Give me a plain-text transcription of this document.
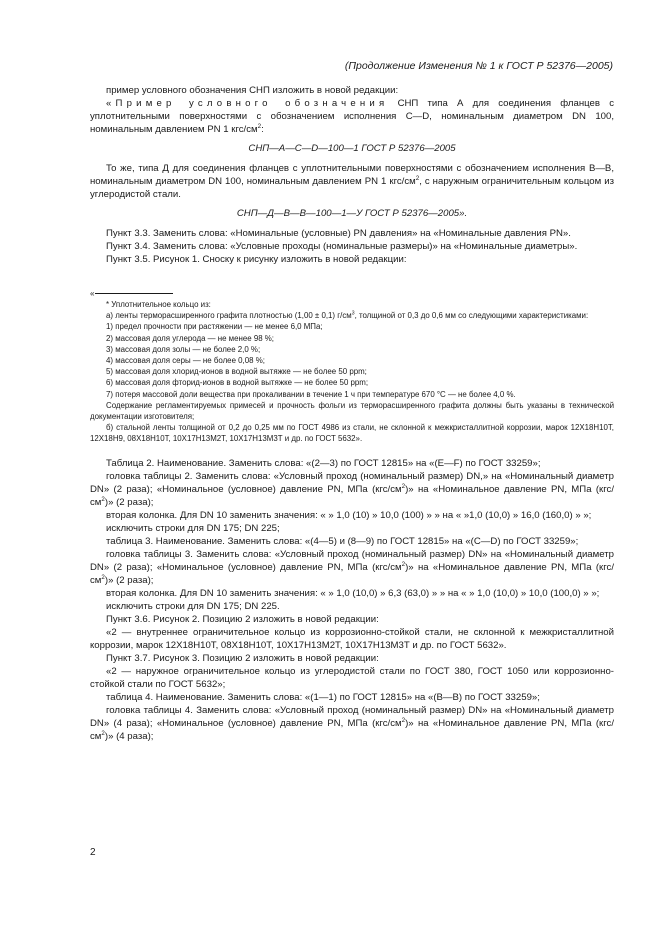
(Продолжение Изменения № 1 к ГОСТ Р 52376—2005)

пример условного обозначения СНП изложить в новой редакции:

«Пример условного обозначения СНП типа А для соединения фланцев с уплотнительными поверхностями с обозначением исполнения С—D, номинальным диаметром DN 100, номинальным давлением PN 1 кгс/$см^2$:

СНП—А—С—D—100—1 ГОСТ Р 52376—2005

То же, типа Д для соединения фланцев с уплотнительными поверхностями с обозначением исполнения В—В, номинальным диаметром DN 100, номинальным давлением PN 1 кгс/$см^2$, с наружным ограничительным кольцом из углеродистой стали.

СНП—Д—В—В—100—1—У ГОСТ Р 52376—2005».

Пункт 3.3. Заменить слова: «Номинальные (условные) PN давления» на «Номинальные давления PN».

Пункт 3.4. Заменить слова: «Условные проходы (номинальные размеры)» на «Номинальные диаметры».

Пункт 3.5. Рисунок 1. Сноску к рисунку изложить в новой редакции:

«

* Уплотнительное кольцо из:

а) ленты терморасширенного графита плотностью (1,00 ± 0,1) $г/см^3$, толщиной от 0,3 до 0,6 мм со следующими характеристиками:

1) предел прочности при растяжении — не менее 6,0 МПа;

2) массовая доля углерода — не менее 98 %;

3) массовая доля золы — не более 2,0 %;

4) массовая доля серы — не более 0,08 %;

5) массовая доля хлорид-ионов в водной вытяжке — не более 50 ppm;

6) массовая доля фторид-ионов в водной вытяжке — не более 50 ppm;

7) потеря массовой доли вещества при прокаливании в течение 1 ч при температуре 670 °С — не более 4,0 %.

Содержание регламентируемых примесей и прочность фольги из терморасширенного графита должны быть указаны в технической документации изготовителя;

б) стальной ленты толщиной от 0,2 до 0,25 мм по ГОСТ 4986 из стали, не склонной к межкристаллитной коррозии, марок 12Х18Н10Т, 12Х18Н9, 08Х18Н10Т, 10Х17Н13М2Т, 10Х17Н13М3Т и др. по ГОСТ 5632».

Таблица 2. Наименование. Заменить слова: «(2—3) по ГОСТ 12815» на «(E—F) по ГОСТ 33259»;

головка таблицы 2. Заменить слова: «Условный проход (номинальный размер) DN,» на «Номинальный диаметр DN» (2 раза); «Номинальное (условное) давление PN, МПа $(кгс/см^2)$» на «Номинальное давление PN, МПа $(кгс/см^2)$» (2 раза);

вторая колонка. Для DN 10 заменить значения: « » 1,0 (10) » 10,0 (100) » » на « »1,0 (10,0) » 16,0 (160,0) » »;

исключить строки для DN 175; DN 225;

таблица 3. Наименование. Заменить слова: «(4—5) и (8—9) по ГОСТ 12815» на «(C—D) по ГОСТ 33259»;

головка таблицы 3. Заменить слова: «Условный проход (номинальный размер) DN» на «Номинальный диаметр DN» (2 раза); «Номинальное (условное) давление PN, МПа $(кгс/см^2)$» на «Номинальное давление PN, МПа $(кгс/см^2)$» (2 раза);

вторая колонка. Для DN 10 заменить значения: « » 1,0 (10,0) » 6,3 (63,0) » » на « » 1,0 (10,0) » 10,0 (100,0) » »;

исключить строки для DN 175; DN 225.

Пункт 3.6. Рисунок 2. Позицию 2 изложить в новой редакции:

«2 — внутреннее ограничительное кольцо из коррозионно-стойкой стали, не склонной к межкристаллитной коррозии, марок 12Х18Н10Т, 08Х18Н10Т, 10Х17Н13М2Т, 10Х17Н13М3Т и др. по ГОСТ 5632».

Пункт 3.7. Рисунок 3. Позицию 2 изложить в новой редакции:

«2 — наружное ограничительное кольцо из углеродистой стали по ГОСТ 380, ГОСТ 1050 или коррозионно-стойкой стали по ГОСТ 5632»;

таблица 4. Наименование. Заменить слова: «(1—1) по ГОСТ 12815» на «(B—B) по ГОСТ 33259»;

головка таблицы 4. Заменить слова: «Условный проход (номинальный размер) DN» на «Номинальный диаметр DN» (4 раза); «Номинальное (условное) давление PN, МПа $(кгс/см^2)$» на «Номинальное давление PN, МПа $(кгс/см^2)$» (4 раза);

2
